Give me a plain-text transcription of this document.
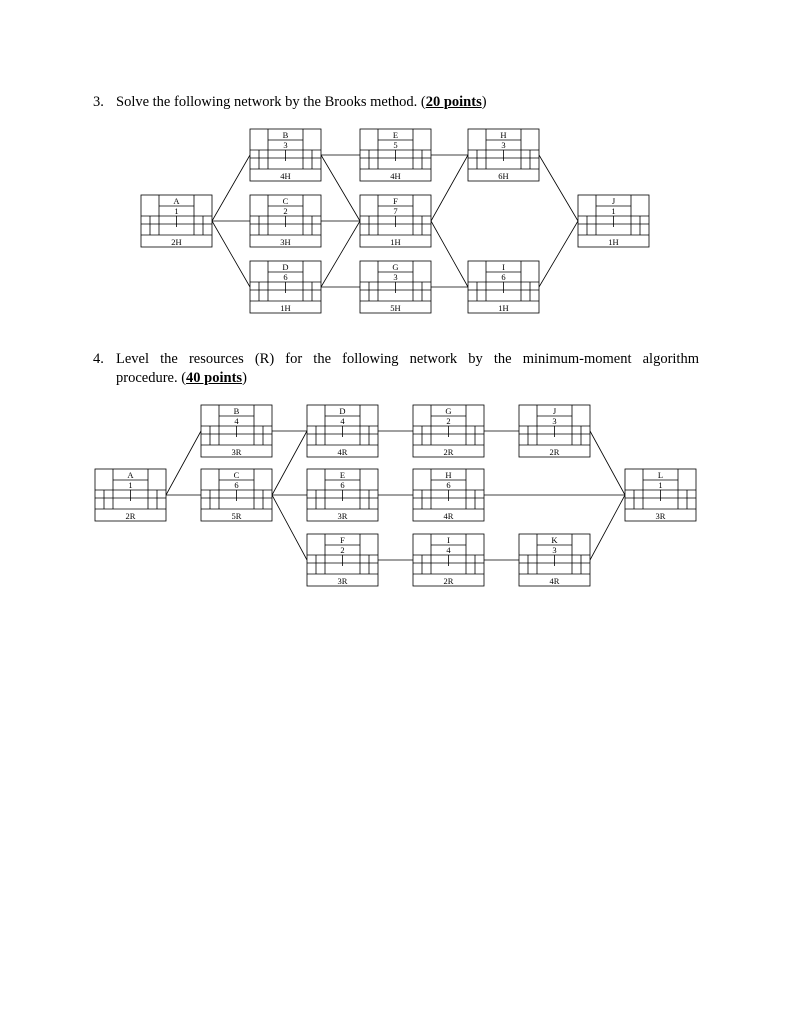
3. Solve the following network by the Brooks method. (20 points)
4. Level the resources (R) for the following network by the minimum-moment algorithm
procedure. (40 points)
B
3
4H
E
5
4H
H
3
6H
A
1
2H
C
2
3H
F
7
1H
J
1
1H
D
6
1H
G
3
5H
I
6
1H
B
4
3R
D
4
4R
G
2
2R
J
3
2R
A
1
2R
C
6
5R
E
6
3R
H
6
4R
L
1
3R
F
2
3R
I
4
2R
K
3
4R
